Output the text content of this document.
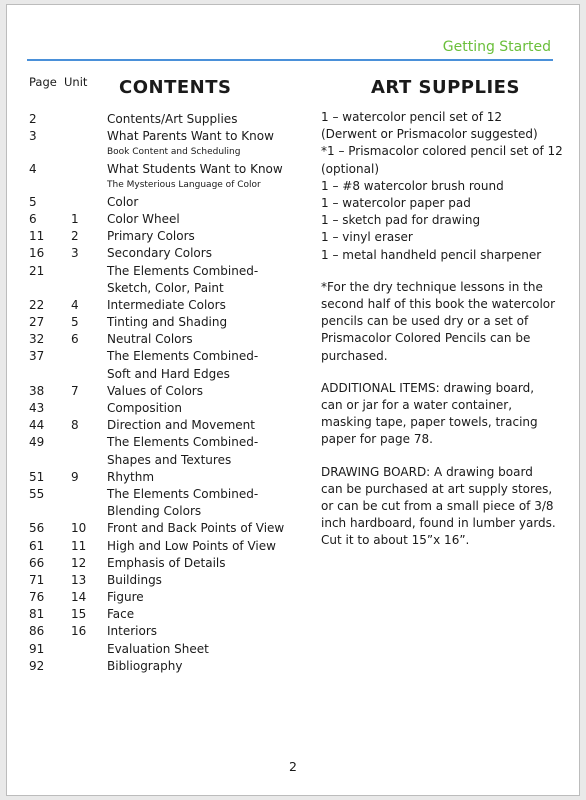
Getting Started
Page Unit CONTENTS	ART SUPPLIES
2	Contents/Art Supplies
3	What Parents Want to Know
Book Content and Scheduling
4	What Students Want to Know
The Mysterious Language of Color
5	Color
6	1 Color Wheel
11 2 Primary Colors
16 3 Secondary Colors
21	The Elements Combined-
Sketch, Color, Paint
22 4 Intermediate Colors
27 5 Tinting and Shading
32 6 Neutral Colors
37	The Elements Combined-
Soft and Hard Edges
38 7 Values of Colors
43	Composition
44 8 Direction and Movement
49	The Elements Combined-
Shapes and Textures
51 9 Rhythm
55	The Elements Combined-
Blending Colors
56 10 Front and Back Points of View
61 11 High and Low Points of View
66 12 Emphasis of Details
71 13 Buildings
76 14 Figure
81 15 Face
86 16 Interiors
91	Evaluation Sheet
92	Bibliography
1 – watercolor pencil set of 12
(Derwent or Prismacolor suggested)
*1 – Prismacolor colored pencil set of 12
(optional)
1 – #8 watercolor brush round
1 – watercolor paper pad
1 – sketch pad for drawing
1 – vinyl eraser
1 – metal handheld pencil sharpener
*For the dry technique lessons in the
second half of this book the watercolor
pencils can be used dry or a set of
Prismacolor Colored Pencils can be
purchased.
ADDITIONAL ITEMS: drawing board,
can or jar for a water container,
masking tape, paper towels, tracing
paper for page 78.
DRAWING BOARD: A drawing board
can be purchased at art supply stores,
or can be cut from a small piece of 3/8
inch hardboard, found in lumber yards.
Cut it to about 15”x 16”.
2
